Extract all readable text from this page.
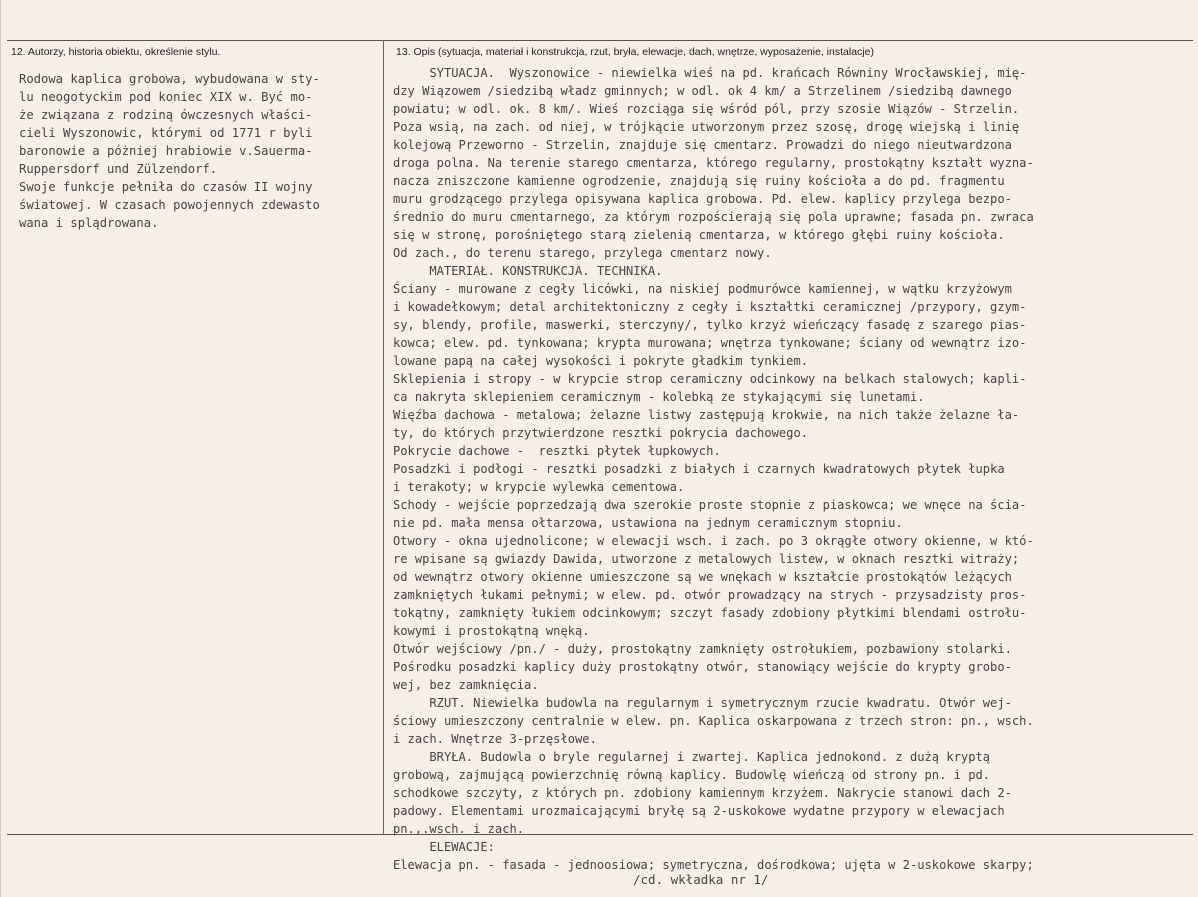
12. Autorzy, historia obiektu, określenie stylu.	13. Opis (sytuacja, materiał i konstrukcja, rzut, bryła, elewacje, dach, wnętrze, wyposażenie, instalacje)
Rodowa kaplica grobowa, wybudowana w sty-
lu neogotyckim pod koniec XIX w. Być mo-
że związana z rodziną ówczesnych właści-
cieli Wyszonowic, którymi od 1771 r byli
baronowie a póżniej hrabiowie v.Sauerma-
Ruppersdorf und Zülzendorf.
Swoje funkcje pełniła do czasów II wojny
światowej. W czasach powojennych zdewasto
wana i splądrowana.
SYTUACJA.  Wyszonowice - niewielka wieś na pd. krańcach Równiny Wrocławskiej, mię-
dzy Wiązowem /siedzibą władz gminnych; w odl. ok 4 km/ a Strzelinem /siedzibą dawnego
powiatu; w odl. ok. 8 km/. Wieś rozciąga się wśród pól, przy szosie Wiązów - Strzelin.
Poza wsią, na zach. od niej, w trójkącie utworzonym przez szosę, drogę wiejską i linię
kolejową Przeworno - Strzelin, znajduje się cmentarz. Prowadzi do niego nieutwardzona
droga polna. Na terenie starego cmentarza, którego regularny, prostokątny kształt wyzna-
nacza zniszczone kamienne ogrodzenie, znajdują się ruiny kościoła a do pd. fragmentu
muru grodzącego przylega opisywana kaplica grobowa. Pd. elew. kaplicy przylega bezpo-
średnio do muru cmentarnego, za którym rozpościerają się pola uprawne; fasada pn. zwraca
się w stronę, porośniętego starą zielenią cmentarza, w którego głębi ruiny kościoła.
Od zach., do terenu starego, przylega cmentarz nowy.
MATERIAŁ. KONSTRUKCJA. TECHNIKA.
Ściany - murowane z cegły licówki, na niskiej podmurówce kamiennej, w wątku krzyżowym
i kowadełkowym; detal architektoniczny z cegły i kształtki ceramicznej /przypory, gzym-
sy, blendy, profile, maswerki, sterczyny/, tylko krzyż wieńczący fasadę z szarego pias-
kowca; elew. pd. tynkowana; krypta murowana; wnętrza tynkowane; ściany od wewnątrz izo-
lowane papą na całej wysokości i pokryte gładkim tynkiem.
Sklepienia i stropy - w krypcie strop ceramiczny odcinkowy na belkach stalowych; kapli-
ca nakryta sklepieniem ceramicznym - kolebką ze stykającymi się lunetami.
Więźba dachowa - metalowa; żelazne listwy zastępują krokwie, na nich także żelazne ła-
ty, do których przytwierdzone resztki pokrycia dachowego.
Pokrycie dachowe -  resztki płytek łupkowych.
Posadzki i podłogi - resztki posadzki z białych i czarnych kwadratowych płytek łupka
i terakoty; w krypcie wylewka cementowa.
Schody - wejście poprzedzają dwa szerokie proste stopnie z piaskowca; we wnęce na ścia-
nie pd. mała mensa ołtarzowa, ustawiona na jednym ceramicznym stopniu.
Otwory - okna ujednolicone; w elewacji wsch. i zach. po 3 okrągłe otwory okienne, w któ-
re wpisane są gwiazdy Dawida, utworzone z metalowych listew, w oknach resztki witraży;
od wewnątrz otwory okienne umieszczone są we wnękach w kształcie prostokątów leżących
zamkniętych łukami pełnymi; w elew. pd. otwór prowadzący na strych - przysadzisty pros-
tokątny, zamknięty łukiem odcinkowym; szczyt fasady zdobiony płytkimi blendami ostrołu-
kowymi i prostokątną wnęką.
Otwór wejściowy /pn./ - duży, prostokątny zamknięty ostrołukiem, pozbawiony stolarki.
Pośrodku posadzki kaplicy duży prostokątny otwór, stanowiący wejście do krypty grobo-
wej, bez zamknięcia.
RZUT. Niewielka budowla na regularnym i symetrycznym rzucie kwadratu. Otwór wej-
ściowy umieszczony centralnie w elew. pn. Kaplica oskarpowana z trzech stron: pn., wsch.
i zach. Wnętrze 3-przęsłowe.
BRYŁA. Budowla o bryle regularnej i zwartej. Kaplica jednokond. z dużą kryptą
grobową, zajmującą powierzchnię równą kaplicy. Budowlę wieńczą od strony pn. i pd.
schodkowe szczyty, z których pn. zdobiony kamiennym krzyżem. Nakrycie stanowi dach 2-
padowy. Elementami urozmaicającymi bryłę są 2-uskokowe wydatne przypory w elewacjach
pn.,.wsch. i zach.
ELEWACJE:
Elewacja pn. - fasada - jednoosiowa; symetryczna, dośrodkowa; ujęta w 2-uskokowe skarpy;
/cd. wkładka nr 1/
